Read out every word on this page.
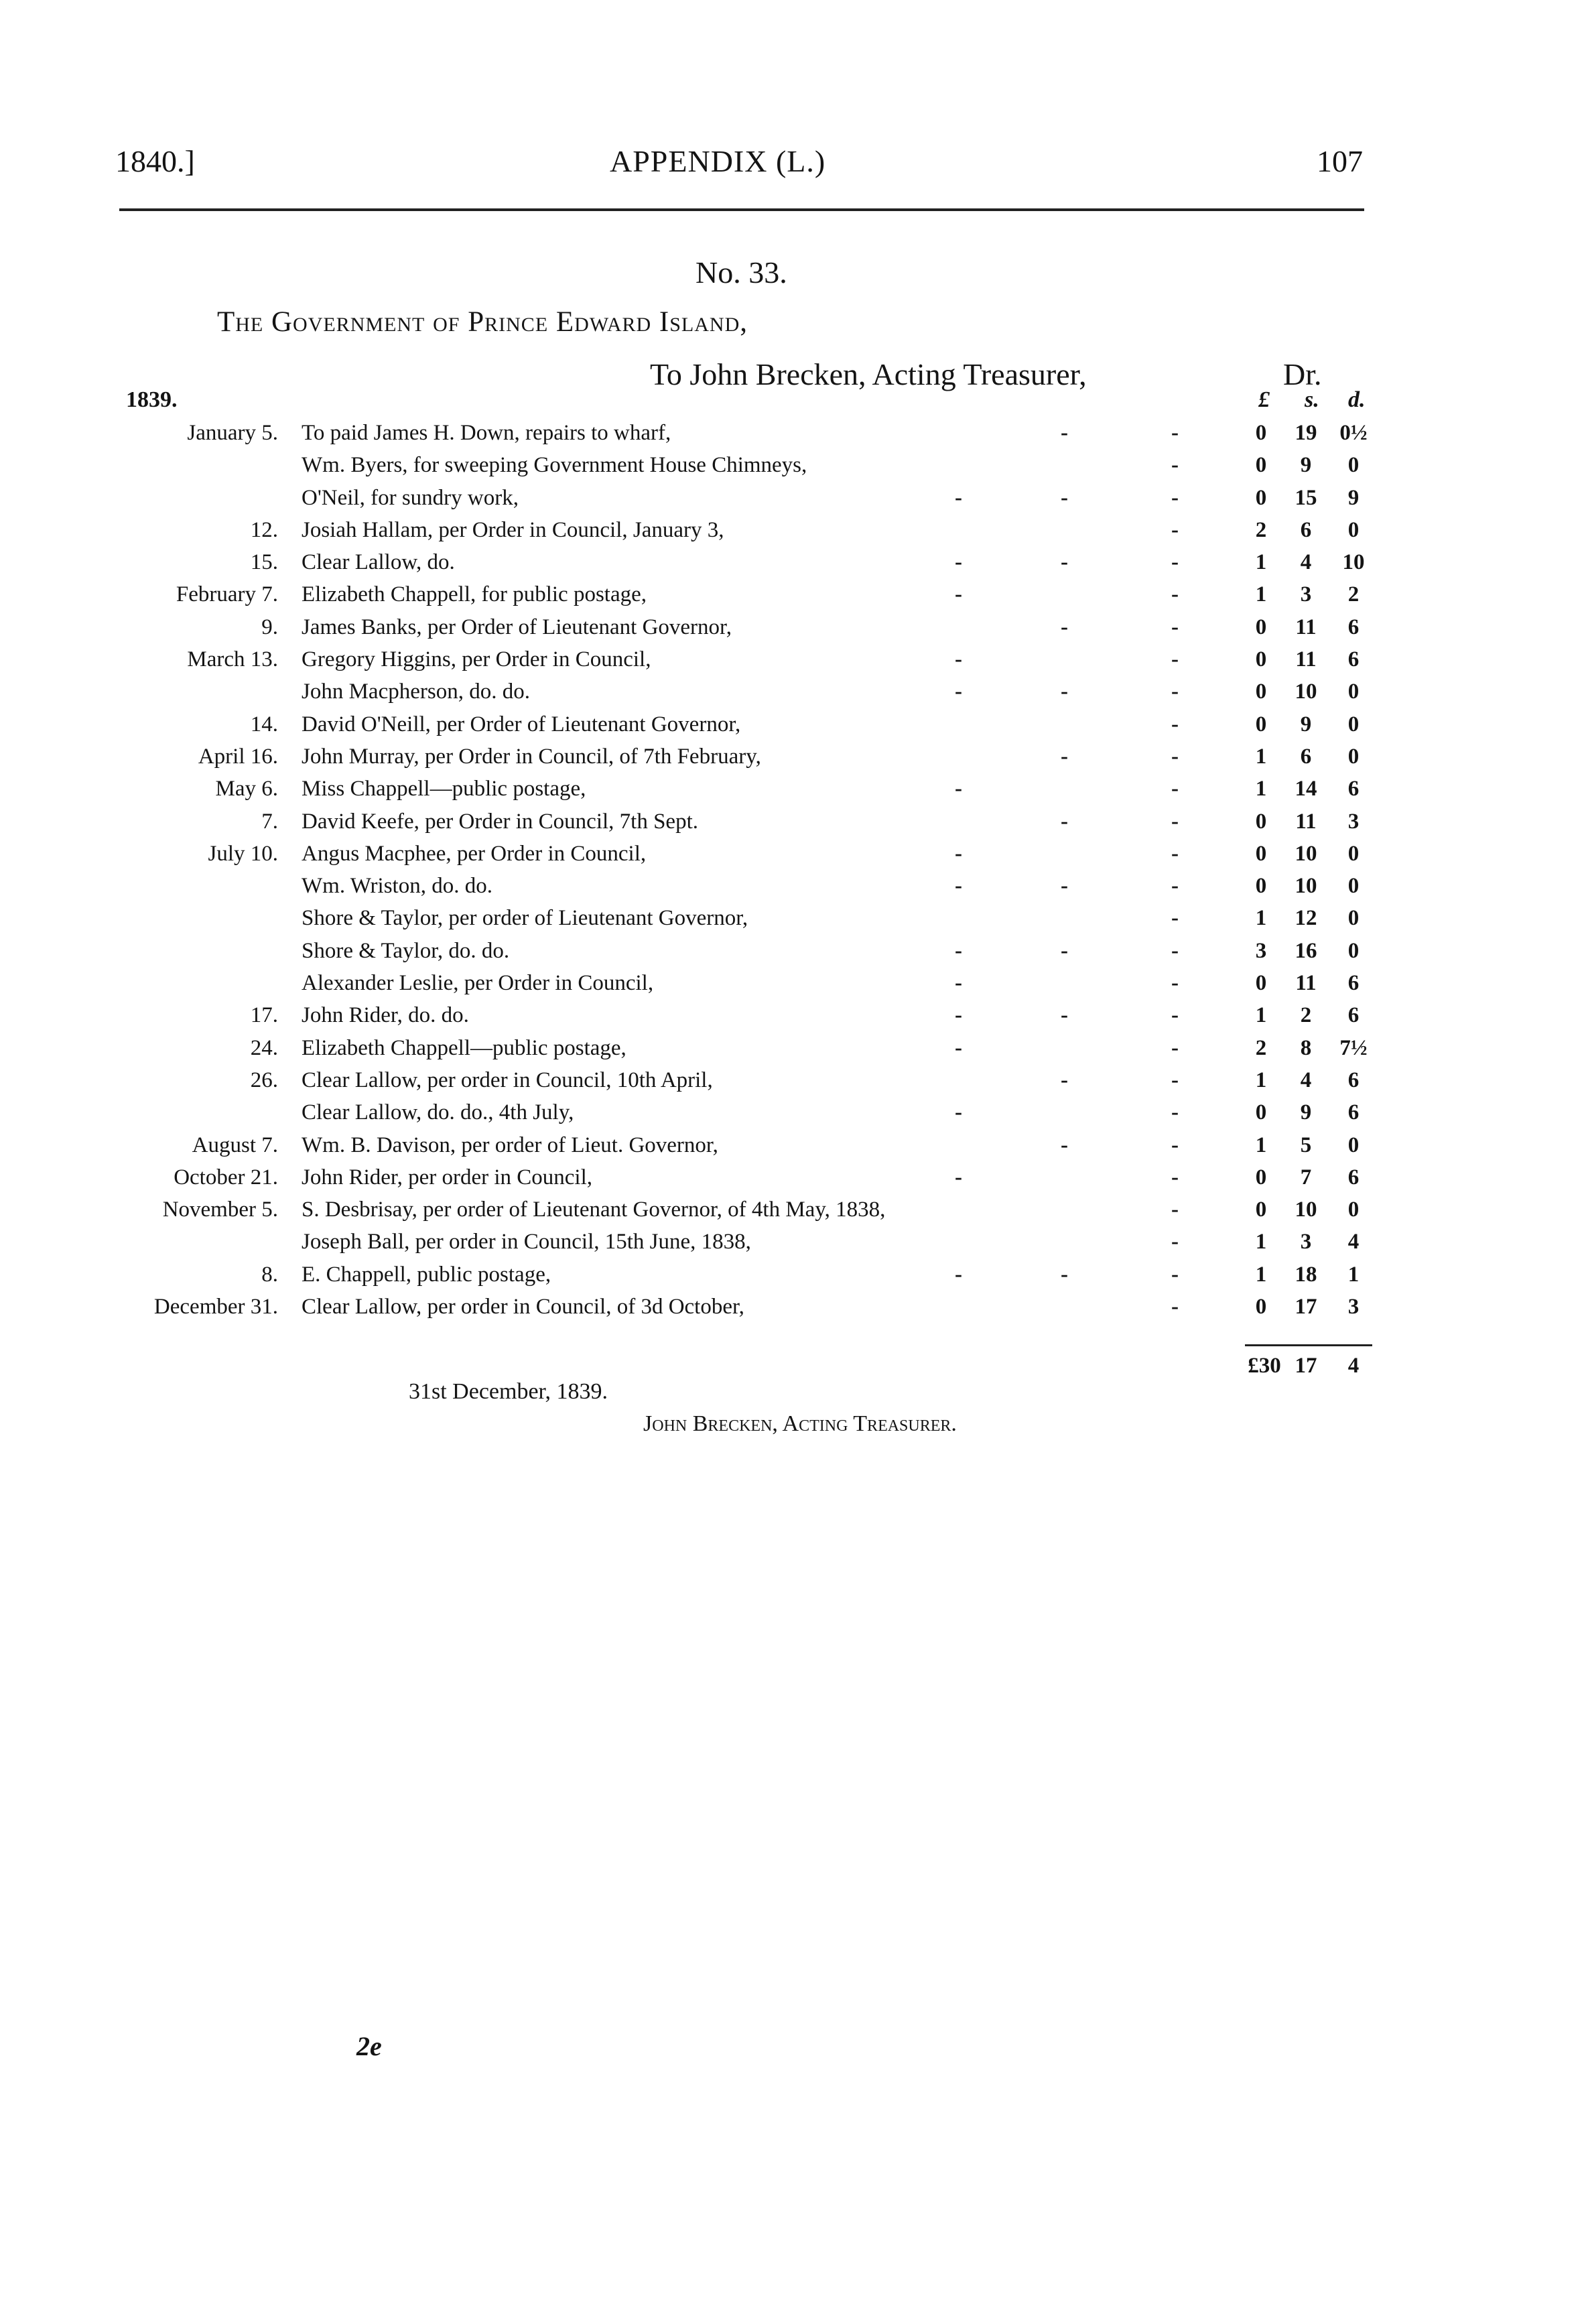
1840.]	APPENDIX (L.)	107
No. 33.
The Government of Prince Edward Island,
To John Brecken, Acting Treasurer,	Dr.
1839.	£ s. d.
January 5. To paid James H. Down, repairs to wharf,	-	-	0	19	0½
Wm. Byers, for sweeping Government House Chimneys,	-	0	9	0
O'Neil, for sundry work,	-	-	-	0	15	9
12. Josiah Hallam, per Order in Council, January 3,	-	2	6	0
15. Clear Lallow, do.	-	-	-	1	4	10
February 7. Elizabeth Chappell, for public postage,	-	-	1	3	2
9. James Banks, per Order of Lieutenant Governor,	-	-	0	11	6
March 13. Gregory Higgins, per Order in Council,	-	-	0	11	6
John Macpherson, do. do.	-	-	-	0	10	0
14. David O'Neill, per Order of Lieutenant Governor,	-	0	9	0
April 16. John Murray, per Order in Council, of 7th February,	-	-	1	6	0
May 6. Miss Chappell—public postage,	-	-	1	14	6
7. David Keefe, per Order in Council, 7th Sept.	-	-	0	11	3
July 10. Angus Macphee, per Order in Council,	-	-	0	10	0
Wm. Wriston, do. do.	-	-	-	0	10	0
Shore & Taylor, per order of Lieutenant Governor,	-	1	12	0
Shore & Taylor, do. do.	-	-	-	3	16	0
Alexander Leslie, per Order in Council,	-	-	0	11	6
17. John Rider, do. do.	-	-	-	1	2	6
24. Elizabeth Chappell—public postage,	-	-	2	8	7½
26. Clear Lallow, per order in Council, 10th April,	-	-	1	4	6
Clear Lallow, do. do., 4th July,	-	-	0	9	6
August 7. Wm. B. Davison, per order of Lieut. Governor,	-	-	1	5	0
October 21. John Rider, per order in Council,	-	-	0	7	6
November 5. S. Desbrisay, per order of Lieutenant Governor, of 4th May, 1838,	-	0	10	0
Joseph Ball, per order in Council, 15th June, 1838,	-	1	3	4
8. E. Chappell, public postage,	-	-	-	1	18	1
December 31. Clear Lallow, per order in Council, of 3d October,	-	0	17	3
£30 17	4
31st December, 1839.
John Brecken, Acting Treasurer.
2e
